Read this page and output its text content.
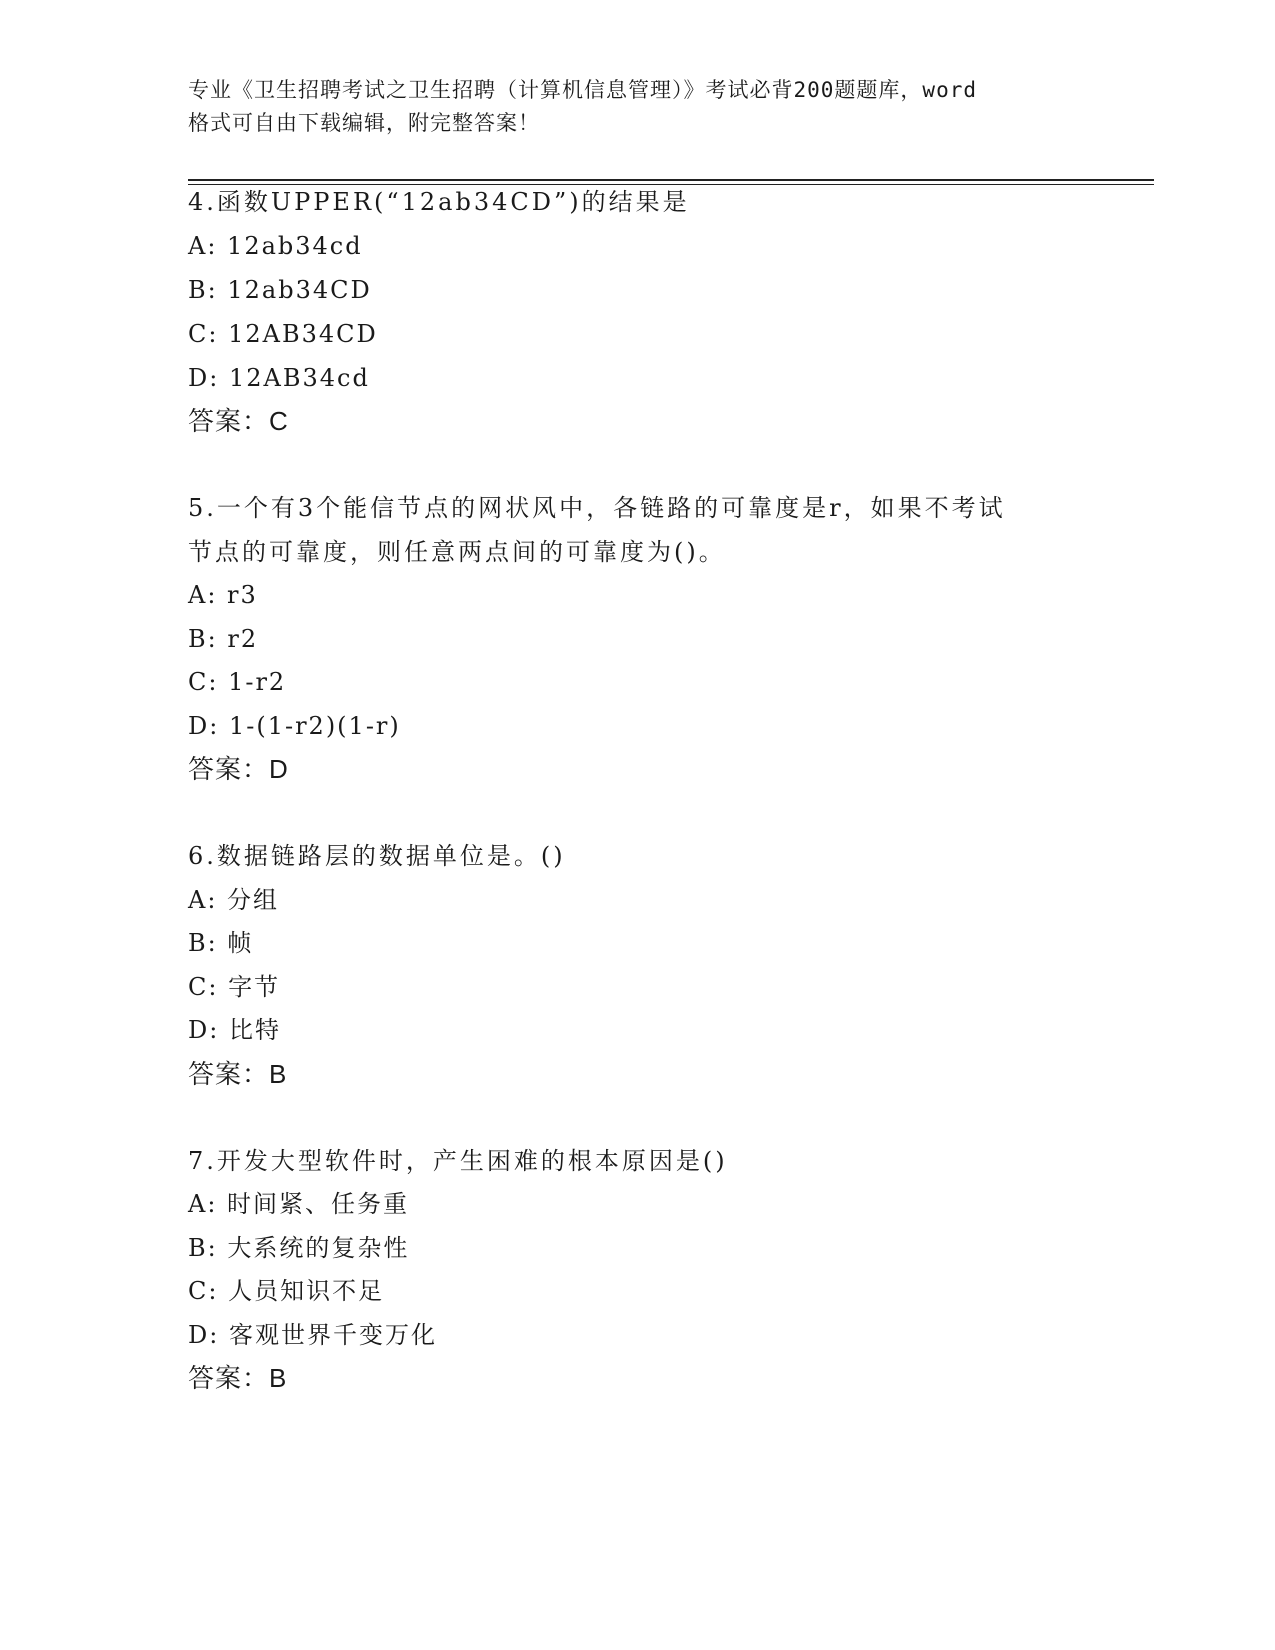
专业《卫生招聘考试之卫生招聘（计算机信息管理）》考试必背200题题库，word
格式可自由下载编辑，附完整答案！
4.函数UPPER(“12ab34CD”)的结果是
A: 12ab34cd
B: 12ab34CD
C: 12AB34CD
D: 12AB34cd
答案：C
5.一个有3个能信节点的网状风中，各链路的可靠度是r，如果不考试
节点的可靠度，则任意两点间的可靠度为()。
A: r3
B: r2
C: 1-r2
D: 1-(1-r2)(1-r)
答案：D
6.数据链路层的数据单位是。()
A: 分组
B: 帧
C: 字节
D: 比特
答案：B
7.开发大型软件时，产生困难的根本原因是()
A: 时间紧、任务重
B: 大系统的复杂性
C: 人员知识不足
D: 客观世界千变万化
答案：B
